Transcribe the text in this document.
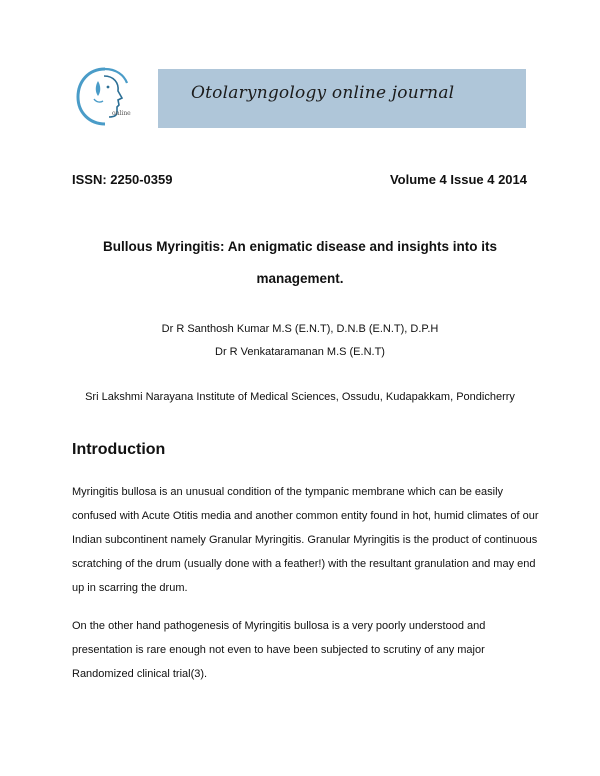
online
Otolaryngology online journal
ISSN: 2250-0359	Volume 4 Issue 4 2014
Bullous Myringitis: An enigmatic disease and insights into its
management.
Dr R Santhosh Kumar M.S (E.N.T), D.N.B (E.N.T), D.P.H
Dr R Venkataramanan M.S (E.N.T)
Sri Lakshmi Narayana Institute of Medical Sciences, Ossudu, Kudapakkam, Pondicherry
Introduction
Myringitis bullosa is an unusual condition of the tympanic membrane which can be easily
confused with Acute Otitis media and another common entity found in hot, humid climates of our
Indian subcontinent namely Granular Myringitis. Granular Myringitis is the product of continuous
scratching of the drum (usually done with a feather!) with the resultant granulation and may end
up in scarring the drum.
On the other hand pathogenesis of Myringitis bullosa is a very poorly understood and
presentation is rare enough not even to have been subjected to scrutiny of any major
Randomized clinical trial(3).
